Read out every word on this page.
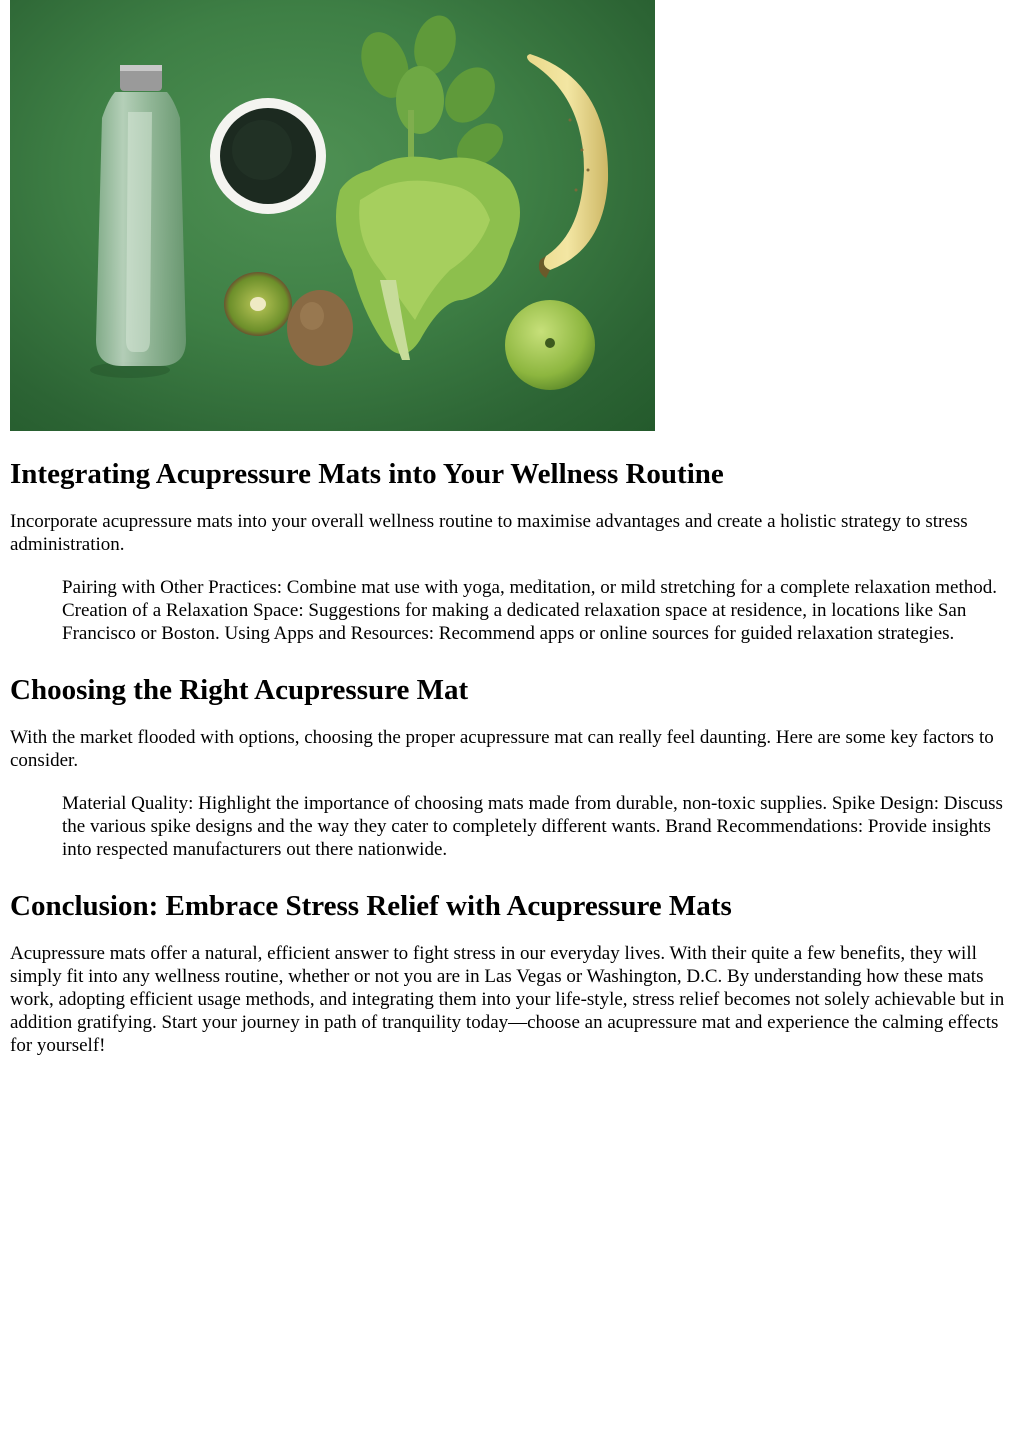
Integrating Acupressure Mats into Your Wellness Routine

Incorporate acupressure mats into your overall wellness routine to maximise advantages and create a holistic strategy to stress administration.

Pairing with Other Practices: Combine mat use with yoga, meditation, or mild stretching for a complete relaxation method. Creation of a Relaxation Space: Suggestions for making a dedicated relaxation space at residence, in locations like San Francisco or Boston. Using Apps and Resources: Recommend apps or online sources for guided relaxation strategies.
Choosing the Right Acupressure Mat

With the market flooded with options, choosing the proper acupressure mat can really feel daunting. Here are some key factors to consider.

Material Quality: Highlight the importance of choosing mats made from durable, non-toxic supplies. Spike Design: Discuss the various spike designs and the way they cater to completely different wants. Brand Recommendations: Provide insights into respected manufacturers out there nationwide.
Conclusion: Embrace Stress Relief with Acupressure Mats

Acupressure mats offer a natural, efficient answer to fight stress in our everyday lives. With their quite a few benefits, they will simply fit into any wellness routine, whether or not you are in Las Vegas or Washington, D.C. By understanding how these mats work, adopting efficient usage methods, and integrating them into your life-style, stress relief becomes not solely achievable but in addition gratifying. Start your journey in path of tranquility today—choose an acupressure mat and experience the calming effects for yourself!
